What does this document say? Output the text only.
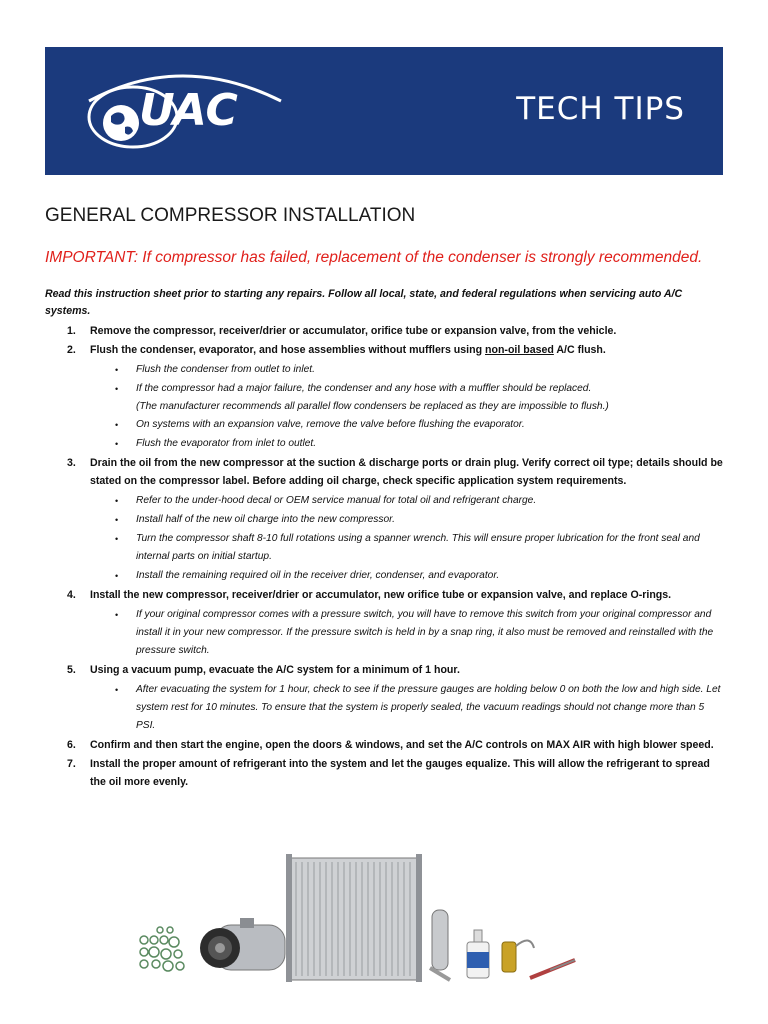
UAC	TECH TIPS
GENERAL COMPRESSOR INSTALLATION
IMPORTANT: If compressor has failed, replacement of the condenser is strongly recommended.
Read this instruction sheet prior to starting any repairs. Follow all local, state, and federal regulations when servicing auto A/C systems.
1. Remove the compressor, receiver/drier or accumulator, orifice tube or expansion valve, from the vehicle.
2. Flush the condenser, evaporator, and hose assemblies without mufflers using non-oil based A/C flush.
• Flush the condenser from outlet to inlet.
• If the compressor had a major failure, the condenser and any hose with a muffler should be replaced.
(The manufacturer recommends all parallel flow condensers be replaced as they are impossible to flush.)
• On systems with an expansion valve, remove the valve before flushing the evaporator.
• Flush the evaporator from inlet to outlet.
3. Drain the oil from the new compressor at the suction & discharge ports or drain plug. Verify correct oil type; details should be stated on the compressor label. Before adding oil charge, check specific application system requirements.
• Refer to the under-hood decal or OEM service manual for total oil and refrigerant charge.
• Install half of the new oil charge into the new compressor.
• Turn the compressor shaft 8-10 full rotations using a spanner wrench. This will ensure proper lubrication for the front seal and internal parts on initial startup.
• Install the remaining required oil in the receiver drier, condenser, and evaporator.
4. Install the new compressor, receiver/drier or accumulator, new orifice tube or expansion valve, and replace O-rings.
• If your original compressor comes with a pressure switch, you will have to remove this switch from your original compressor and install it in your new compressor. If the pressure switch is held in by a snap ring, it also must be removed and reinstalled with the pressure switch.
5. Using a vacuum pump, evacuate the A/C system for a minimum of 1 hour.
• After evacuating the system for 1 hour, check to see if the pressure gauges are holding below 0 on both the low and high side. Let system rest for 10 minutes. To ensure that the system is properly sealed, the vacuum readings should not change more than 5 PSI.
6. Confirm and then start the engine, open the doors & windows, and set the A/C controls on MAX AIR with high blower speed.
7. Install the proper amount of refrigerant into the system and let the gauges equalize. This will allow the refrigerant to spread the oil more evenly.
